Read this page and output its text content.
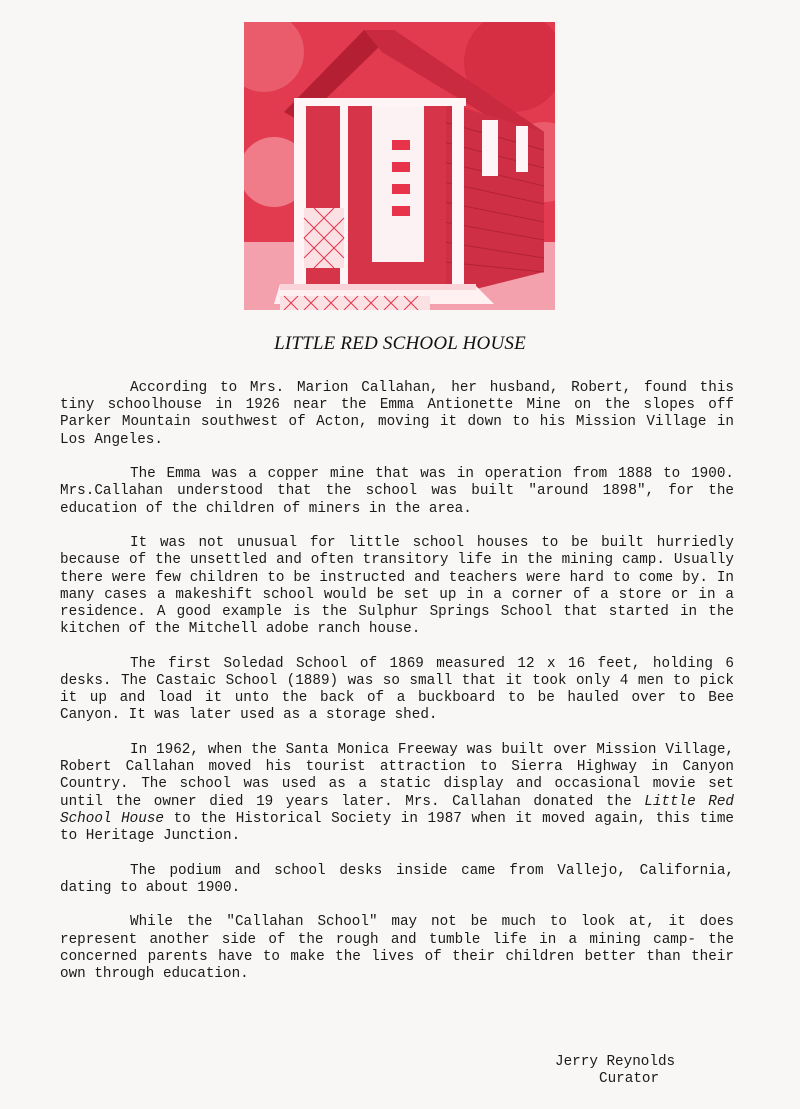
LITTLE RED SCHOOL HOUSE

According to Mrs. Marion Callahan, her husband, Robert, found this tiny schoolhouse in 1926 near the Emma Antionette Mine on the slopes off Parker Mountain southwest of Acton, moving it down to his Mission Village in Los Angeles.

The Emma was a copper mine that was in operation from 1888 to 1900. Mrs.Callahan understood that the school was built "around 1898", for the education of the children of miners in the area.

It was not unusual for little school houses to be built hurriedly because of the unsettled and often transitory life in the mining camp. Usually there were few children to be instructed and teachers were hard to come by. In many cases a makeshift school would be set up in a corner of a store or in a residence. A good example is the Sulphur Springs School that started in the kitchen of the Mitchell adobe ranch house.

The first Soledad School of 1869 measured 12 x 16 feet, holding 6 desks. The Castaic School (1889) was so small that it took only 4 men to pick it up and load it unto the back of a buckboard to be hauled over to Bee Canyon. It was later used as a storage shed.

In 1962, when the Santa Monica Freeway was built over Mission Village, Robert Callahan moved his tourist attraction to Sierra Highway in Canyon Country. The school was used as a static display and occasional movie set until the owner died 19 years later. Mrs. Callahan donated the Little Red School House to the Historical Society in 1987 when it moved again, this time to Heritage Junction.

The podium and school desks inside came from Vallejo, California, dating to about 1900.

While the "Callahan School" may not be much to look at, it does represent another side of the rough and tumble life in a mining camp- the concerned parents have to make the lives of their children better than their own through education.

Jerry Reynolds
Curator
